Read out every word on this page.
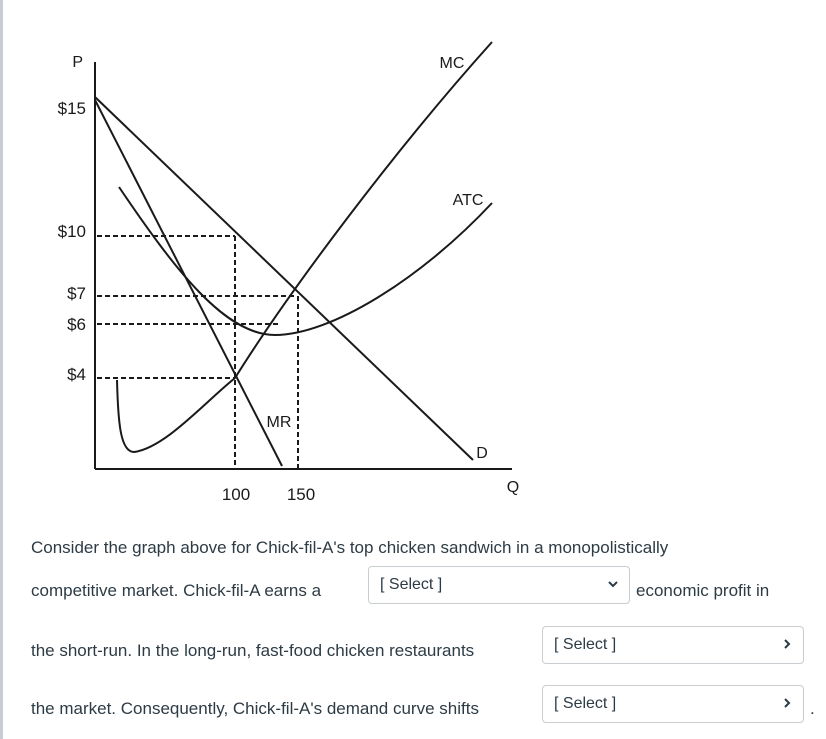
P
Q
$15
$10
$7
$6
$4
100 150
MC
ATC
MR
D
Consider the graph above for Chick-fil-A's top chicken sandwich in a monopolistically
competitive market. Chick-fil-A earns a	economic profit in
the short-run. In the long-run, fast-food chicken restaurants
the market. Consequently, Chick-fil-A's demand curve shifts	.
[ Select ]
[ Select ]
[ Select ]
